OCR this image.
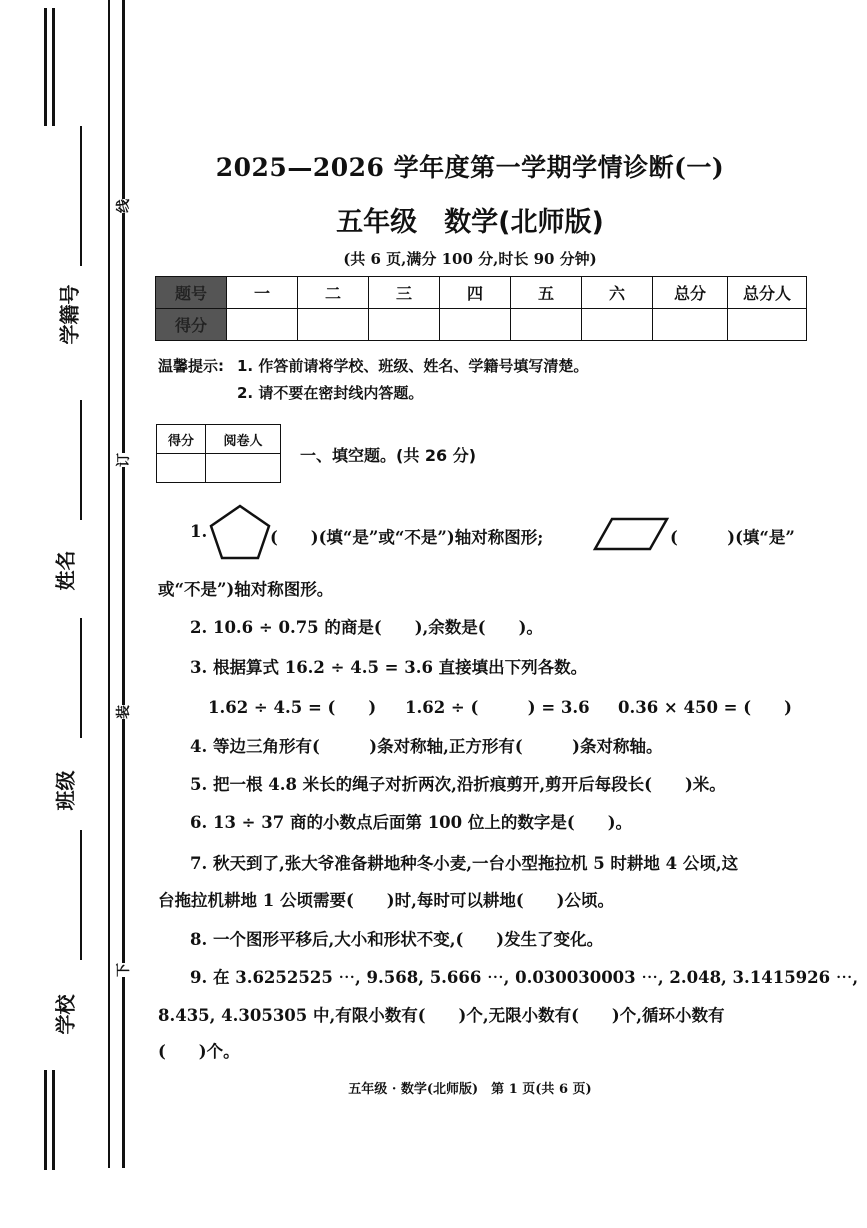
学籍号
姓名
班级
学校
线
订
装
下
2025—2026 学年度第一学期学情诊断(一)
五年级　数学(北师版)
(共 6 页,满分 100 分,时长 90 分钟)
题号	一	二	三	四	五	六	总分	总分人
得分								
温馨提示: 1. 作答前请将学校、班级、姓名、学籍号填写清楚。
2. 请不要在密封线内答题。
得分	阅卷人

一、填空题。(共 26 分)
1.	(　　)(填“是”或“不是”)轴对称图形;	(　　　)(填“是”
或“不是”)轴对称图形。
2. 10.6 ÷ 0.75 的商是(　　),余数是(　　)。
3. 根据算式 16.2 ÷ 4.5 = 3.6 直接填出下列各数。
1.62 ÷ 4.5 = (　　) 1.62 ÷ (　　　) = 3.6 0.36 × 450 = (　　)
4. 等边三角形有(　　　)条对称轴,正方形有(　　　)条对称轴。
5. 把一根 4.8 米长的绳子对折两次,沿折痕剪开,剪开后每段长(　　)米。
6. 13 ÷ 37 商的小数点后面第 100 位上的数字是(　　)。
7. 秋天到了,张大爷准备耕地种冬小麦,一台小型拖拉机 5 时耕地 4 公顷,这
台拖拉机耕地 1 公顷需要(　　)时,每时可以耕地(　　)公顷。
8. 一个图形平移后,大小和形状不变,(　　)发生了变化。
9. 在 3.6252525 ⋯, 9.568, 5.666 ⋯, 0.030030003 ⋯, 2.048, 3.1415926 ⋯,
8.435, 4.305305 中,有限小数有(　　)个,无限小数有(　　)个,循环小数有
(　　)个。
五年级 · 数学(北师版)　第 1 页(共 6 页)
